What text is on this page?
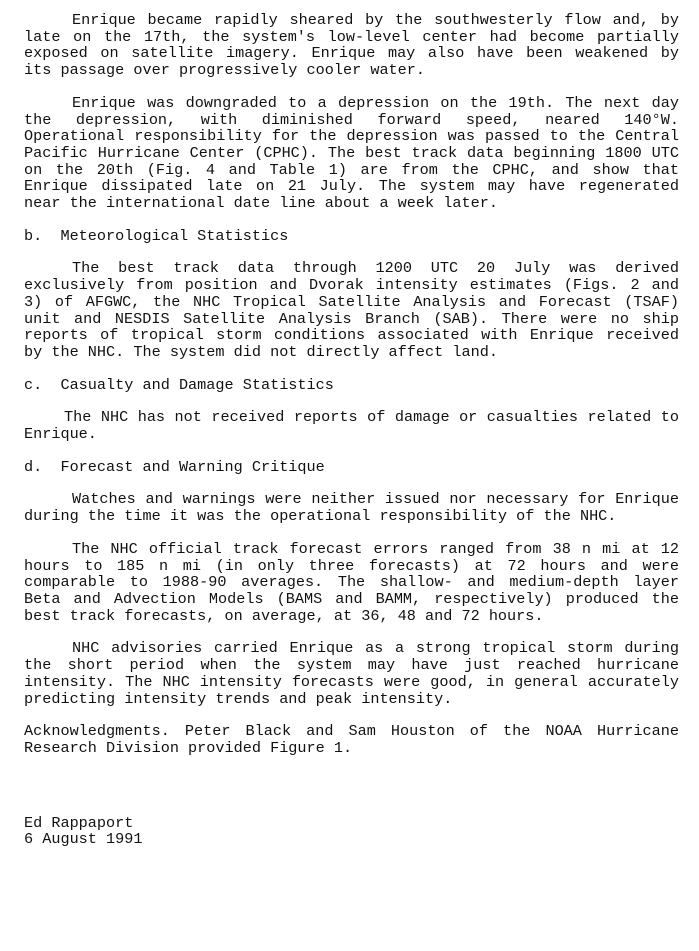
Enrique became rapidly sheared by the southwesterly flow and, by late on the 17th, the system's low-level center had become partially exposed on satellite imagery. Enrique may also have been weakened by its passage over progressively cooler water.

Enrique was downgraded to a depression on the 19th. The next day the depression, with diminished forward speed, neared 140°W. Operational responsibility for the depression was passed to the Central Pacific Hurricane Center (CPHC). The best track data beginning 1800 UTC on the 20th (Fig. 4 and Table 1) are from the CPHC, and show that Enrique dissipated late on 21 July. The system may have regenerated near the international date line about a week later.

b.  Meteorological Statistics

The best track data through 1200 UTC 20 July was derived exclusively from position and Dvorak intensity estimates (Figs. 2 and 3) of AFGWC, the NHC Tropical Satellite Analysis and Forecast (TSAF) unit and NESDIS Satellite Analysis Branch (SAB). There were no ship reports of tropical storm conditions associated with Enrique received by the NHC. The system did not directly affect land.

c.  Casualty and Damage Statistics

The NHC has not received reports of damage or casualties related to Enrique.

d.  Forecast and Warning Critique

Watches and warnings were neither issued nor necessary for Enrique during the time it was the operational responsibility of the NHC.

The NHC official track forecast errors ranged from 38 n mi at 12 hours to 185 n mi (in only three forecasts) at 72 hours and were comparable to 1988-90 averages. The shallow- and medium-depth layer Beta and Advection Models (BAMS and BAMM, respectively) produced the best track forecasts, on average, at 36, 48 and 72 hours.

NHC advisories carried Enrique as a strong tropical storm during the short period when the system may have just reached hurricane intensity. The NHC intensity forecasts were good, in general accurately predicting intensity trends and peak intensity.

Acknowledgments. Peter Black and Sam Houston of the NOAA Hurricane Research Division provided Figure 1.

Ed Rappaport

6 August 1991
